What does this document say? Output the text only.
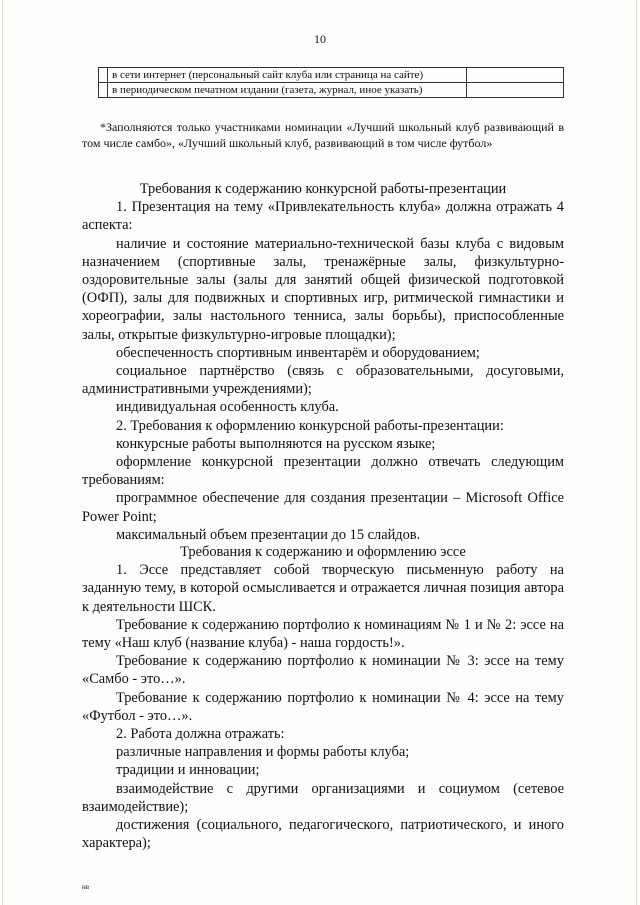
10
	в сети интернет (персональный сайт клуба или страница на сайте)	
	в периодическом печатном издании (газета, журнал, иное указать)	
*Заполняются только участниками номинации «Лучший школьный клуб развивающий в том числе самбо», «Лучший школьный клуб, развивающий в том числе футбол»

Требования к содержанию конкурсной работы-презентации

1. Презентация на тему «Привлекательность клуба» должна отражать 4 аспекта:

наличие и состояние материально-технической базы клуба с видовым назначением (спортивные залы, тренажёрные залы, физкультурно-оздоровительные залы (залы для занятий общей физической подготовкой (ОФП), залы для подвижных и спортивных игр, ритмической гимнастики и хореографии, залы настольного тенниса, залы борьбы), приспособленные залы, открытые физкультурно-игровые площадки);

обеспеченность спортивным инвентарём и оборудованием;

социальное партнёрство (связь с образовательными, досуговыми, административными учреждениями);

индивидуальная особенность клуба.

2. Требования к оформлению конкурсной работы-презентации:

конкурсные работы выполняются на русском языке;

оформление конкурсной презентации должно отвечать следующим требованиям:

программное обеспечение для создания презентации – Microsoft Office Power Point;

максимальный объем презентации до 15 слайдов.

Требования к содержанию и оформлению эссе

1. Эссе представляет собой творческую письменную работу на заданную тему, в которой осмысливается и отражается личная позиция автора к деятельности ШСК.

Требование к содержанию портфолио к номинациям № 1 и № 2: эссе на тему «Наш клуб (название клуба) - наша гордость!».

Требование к содержанию портфолио к номинации № 3: эссе на тему «Самбо - это…».

Требование к содержанию портфолио к номинации № 4: эссе на тему «Футбол - это…».

2. Работа должна отражать:

различные направления и формы работы клуба;

традиции и инновации;

взаимодействие с другими организациями и социумом (сетевое взаимодействие);

достижения (социального, педагогического, патриотического, и иного характера);

нв
